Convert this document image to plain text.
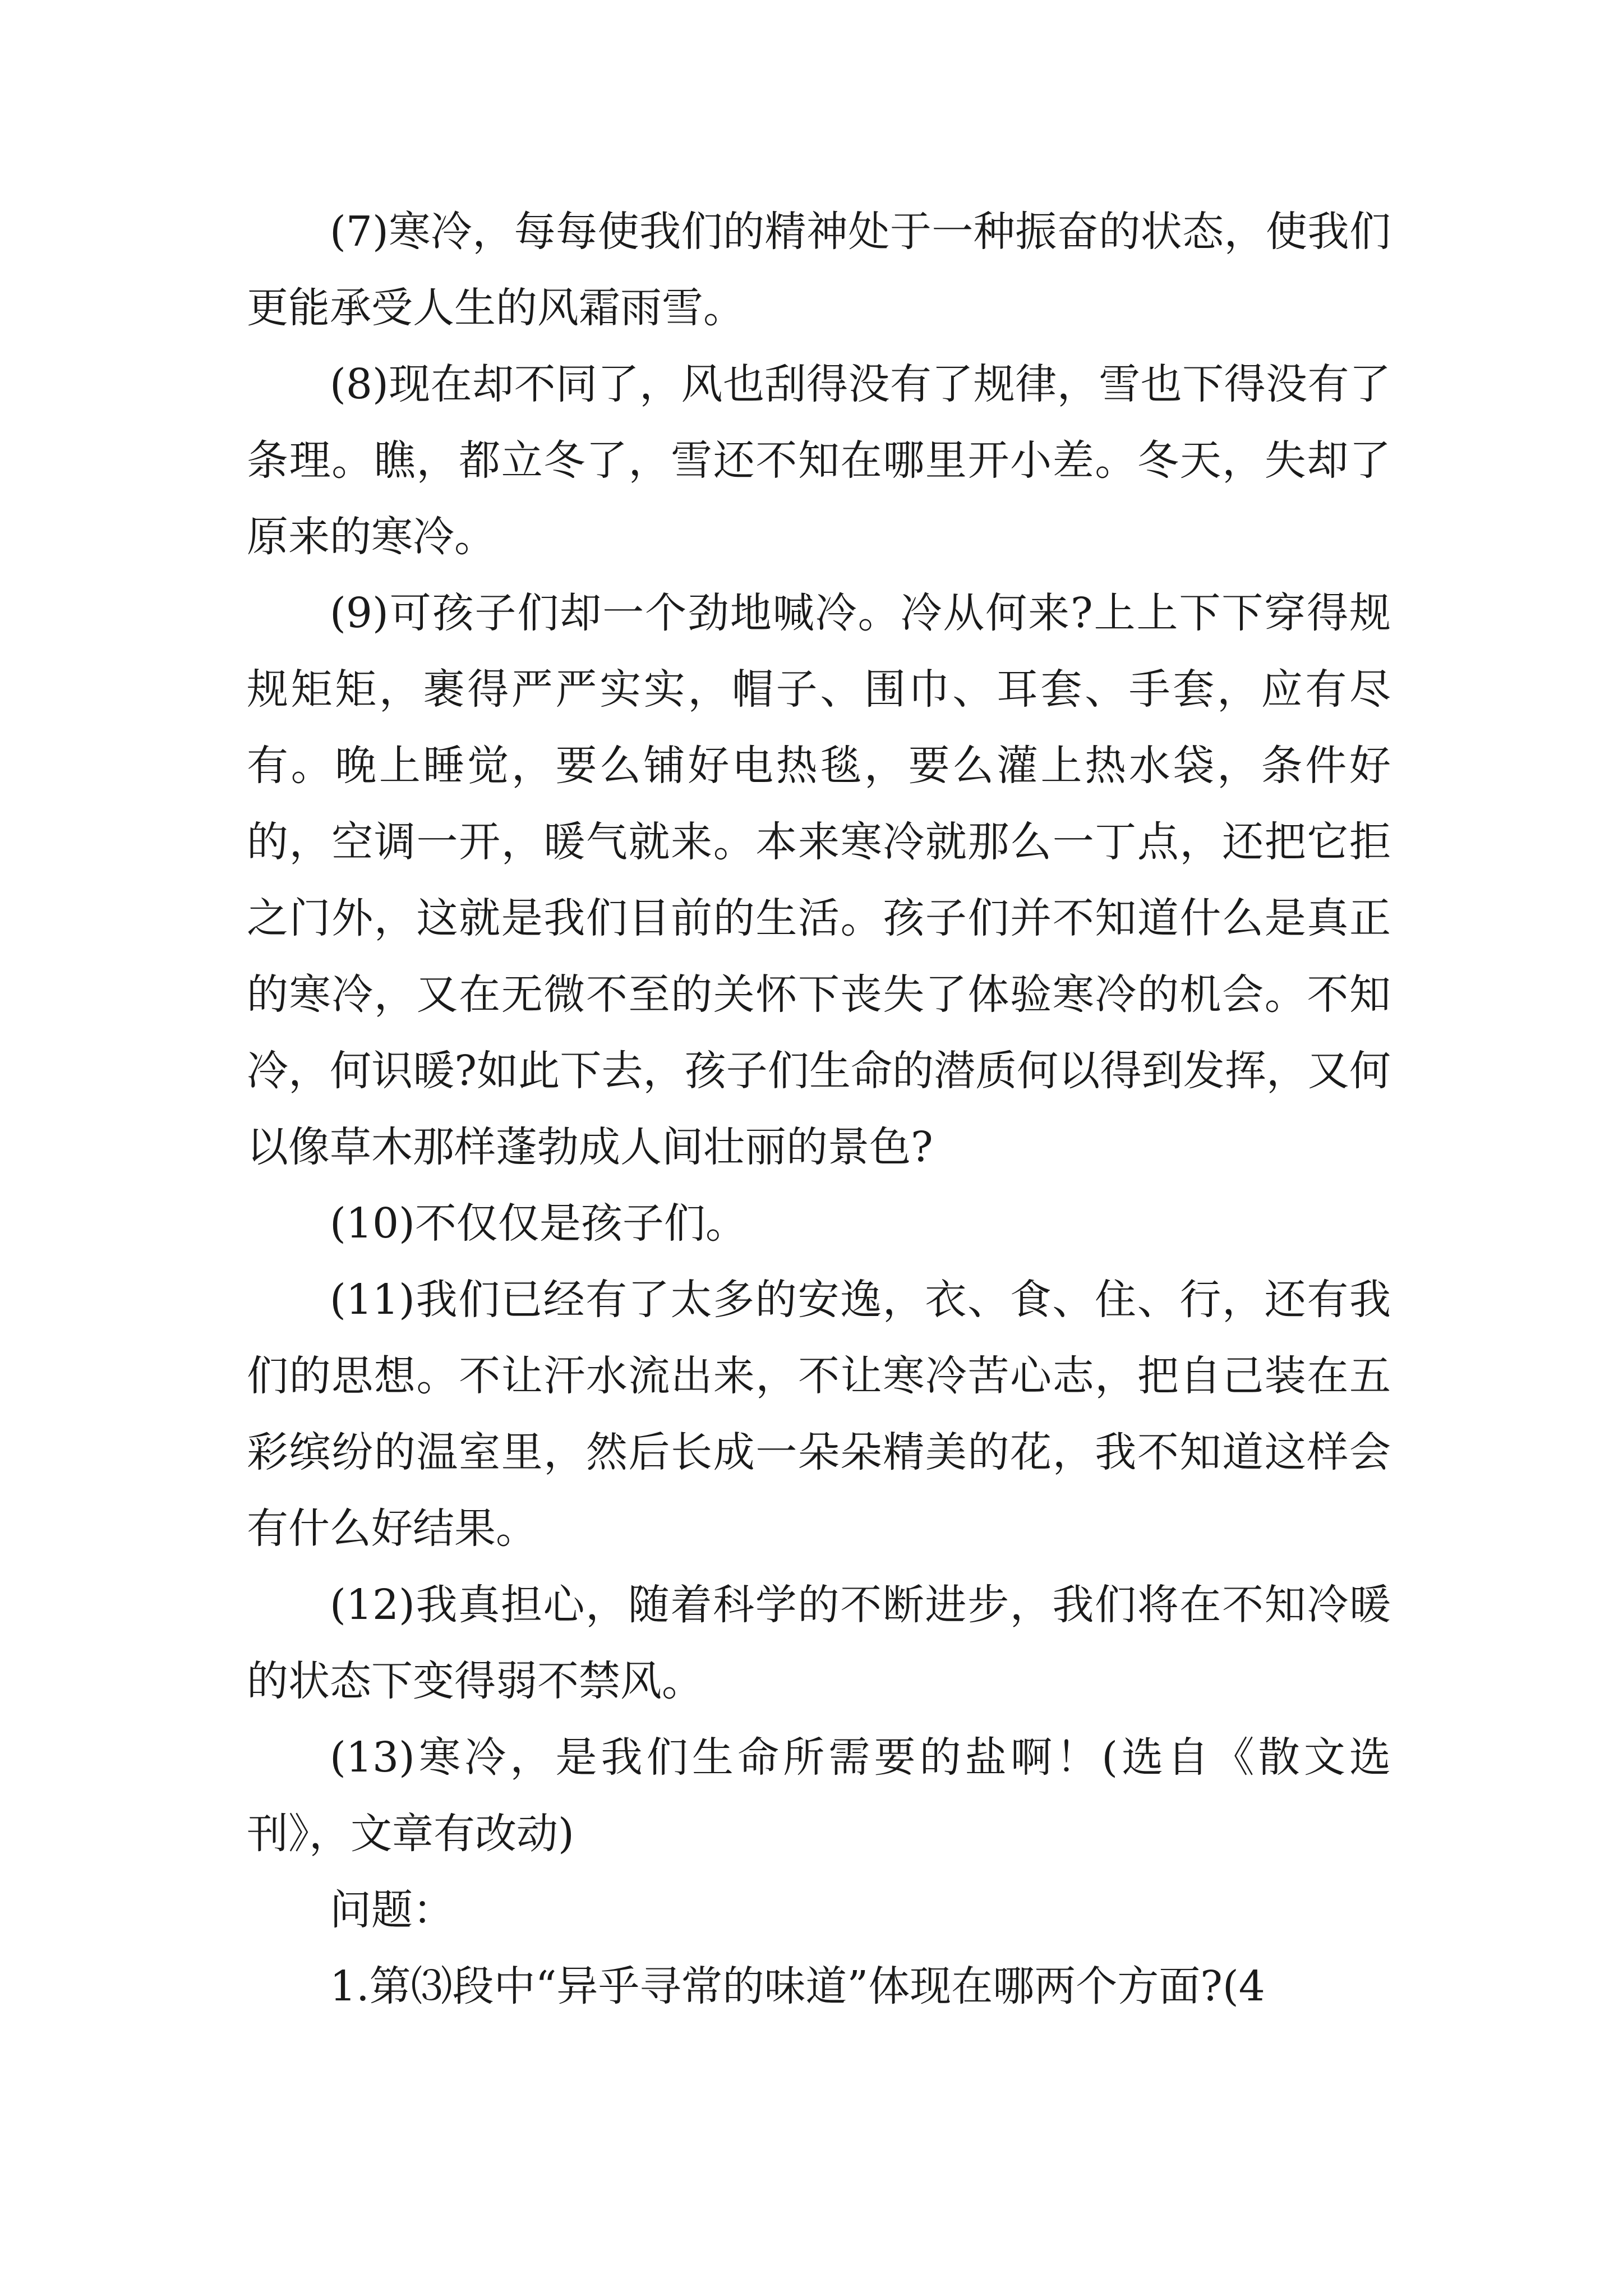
(7)寒冷，每每使我们的精神处于一种振奋的状态，使我们更能承受人生的风霜雨雪。

(8)现在却不同了，风也刮得没有了规律，雪也下得没有了条理。瞧，都立冬了，雪还不知在哪里开小差。冬天，失却了原来的寒冷。

(9)可孩子们却一个劲地喊冷。冷从何来?上上下下穿得规规矩矩，裹得严严实实，帽子、围巾、耳套、手套，应有尽有。晚上睡觉，要么铺好电热毯，要么灌上热水袋，条件好的，空调一开，暖气就来。本来寒冷就那么一丁点，还把它拒之门外，这就是我们目前的生活。孩子们并不知道什么是真正的寒冷，又在无微不至的关怀下丧失了体验寒冷的机会。不知冷，何识暖?如此下去，孩子们生命的潜质何以得到发挥，又何以像草木那样蓬勃成人间壮丽的景色?

(10)不仅仅是孩子们。

(11)我们已经有了太多的安逸，衣、食、住、行，还有我们的思想。不让汗水流出来，不让寒冷苦心志，把自己装在五彩缤纷的温室里，然后长成一朵朵精美的花，我不知道这样会有什么好结果。

(12)我真担心，随着科学的不断进步，我们将在不知冷暖的状态下变得弱不禁风。

(13)寒冷，是我们生命所需要的盐啊！(选自《散文选刊》，文章有改动)

问题：

1.第⑶段中“异乎寻常的味道”体现在哪两个方面?(4
